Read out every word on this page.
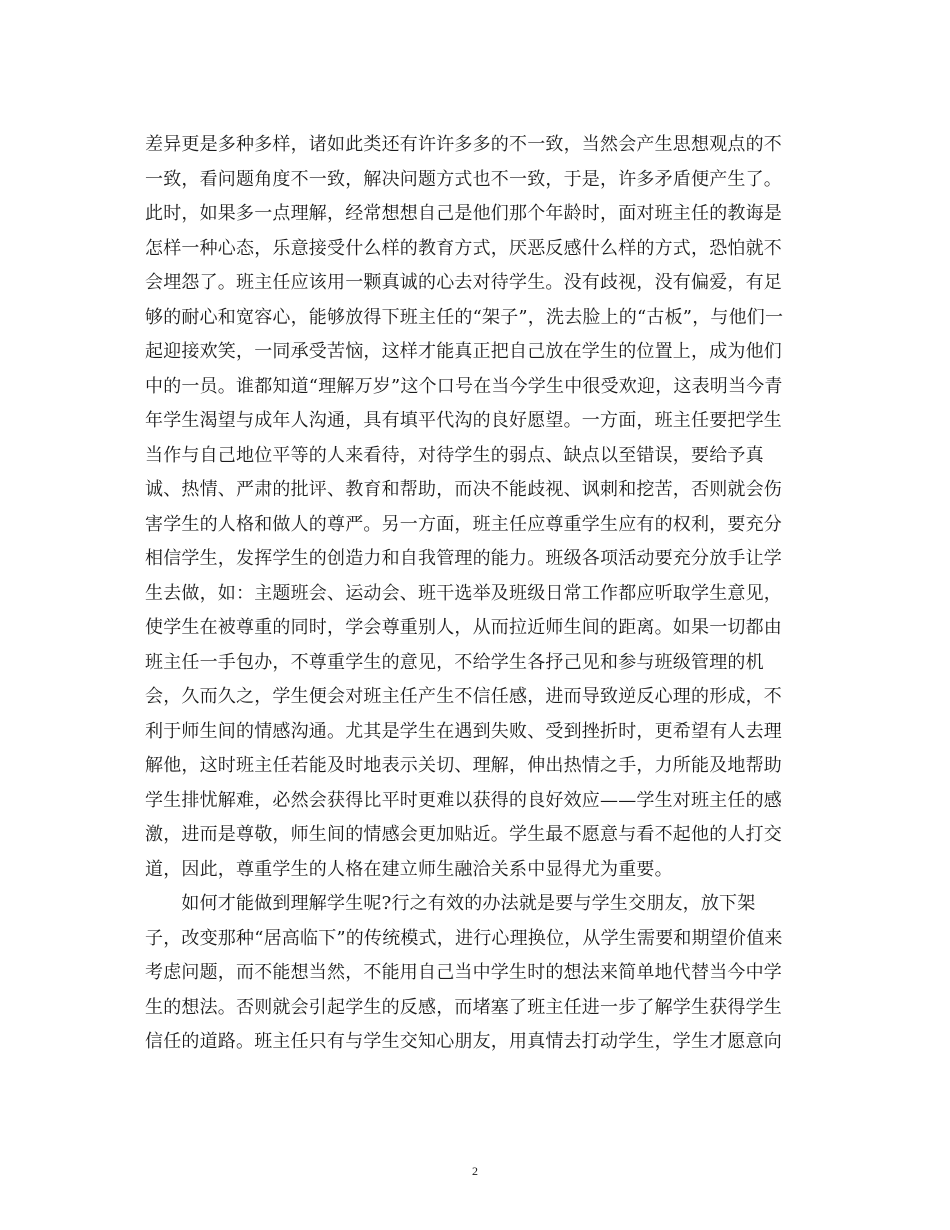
差异更是多种多样，诸如此类还有许许多多的不一致，当然会产生思想观点的不
一致，看问题角度不一致，解决问题方式也不一致，于是，许多矛盾便产生了。
此时，如果多一点理解，经常想想自己是他们那个年龄时，面对班主任的教诲是
怎样一种心态，乐意接受什么样的教育方式，厌恶反感什么样的方式，恐怕就不
会埋怨了。班主任应该用一颗真诚的心去对待学生。没有歧视，没有偏爱，有足
够的耐心和宽容心，能够放得下班主任的“架子”，洗去脸上的“古板”，与他们一
起迎接欢笑，一同承受苦恼，这样才能真正把自己放在学生的位置上，成为他们
中的一员。谁都知道“理解万岁”这个口号在当今学生中很受欢迎，这表明当今青
年学生渴望与成年人沟通，具有填平代沟的良好愿望。一方面，班主任要把学生
当作与自己地位平等的人来看待，对待学生的弱点、缺点以至错误，要给予真
诚、热情、严肃的批评、教育和帮助，而决不能歧视、讽刺和挖苦，否则就会伤
害学生的人格和做人的尊严。另一方面，班主任应尊重学生应有的权利，要充分
相信学生，发挥学生的创造力和自我管理的能力。班级各项活动要充分放手让学
生去做，如：主题班会、运动会、班干选举及班级日常工作都应听取学生意见，
使学生在被尊重的同时，学会尊重别人，从而拉近师生间的距离。如果一切都由
班主任一手包办，不尊重学生的意见，不给学生各抒己见和参与班级管理的机
会，久而久之，学生便会对班主任产生不信任感，进而导致逆反心理的形成，不
利于师生间的情感沟通。尤其是学生在遇到失败、受到挫折时，更希望有人去理
解他，这时班主任若能及时地表示关切、理解，伸出热情之手，力所能及地帮助
学生排忧解难，必然会获得比平时更难以获得的良好效应——学生对班主任的感
激，进而是尊敬，师生间的情感会更加贴近。学生最不愿意与看不起他的人打交
道，因此，尊重学生的人格在建立师生融洽关系中显得尤为重要。
　　如何才能做到理解学生呢?行之有效的办法就是要与学生交朋友，放下架
子，改变那种“居高临下”的传统模式，进行心理换位，从学生需要和期望价值来
考虑问题，而不能想当然，不能用自己当中学生时的想法来简单地代替当今中学
生的想法。否则就会引起学生的反感，而堵塞了班主任进一步了解学生获得学生
信任的道路。班主任只有与学生交知心朋友，用真情去打动学生，学生才愿意向
2
